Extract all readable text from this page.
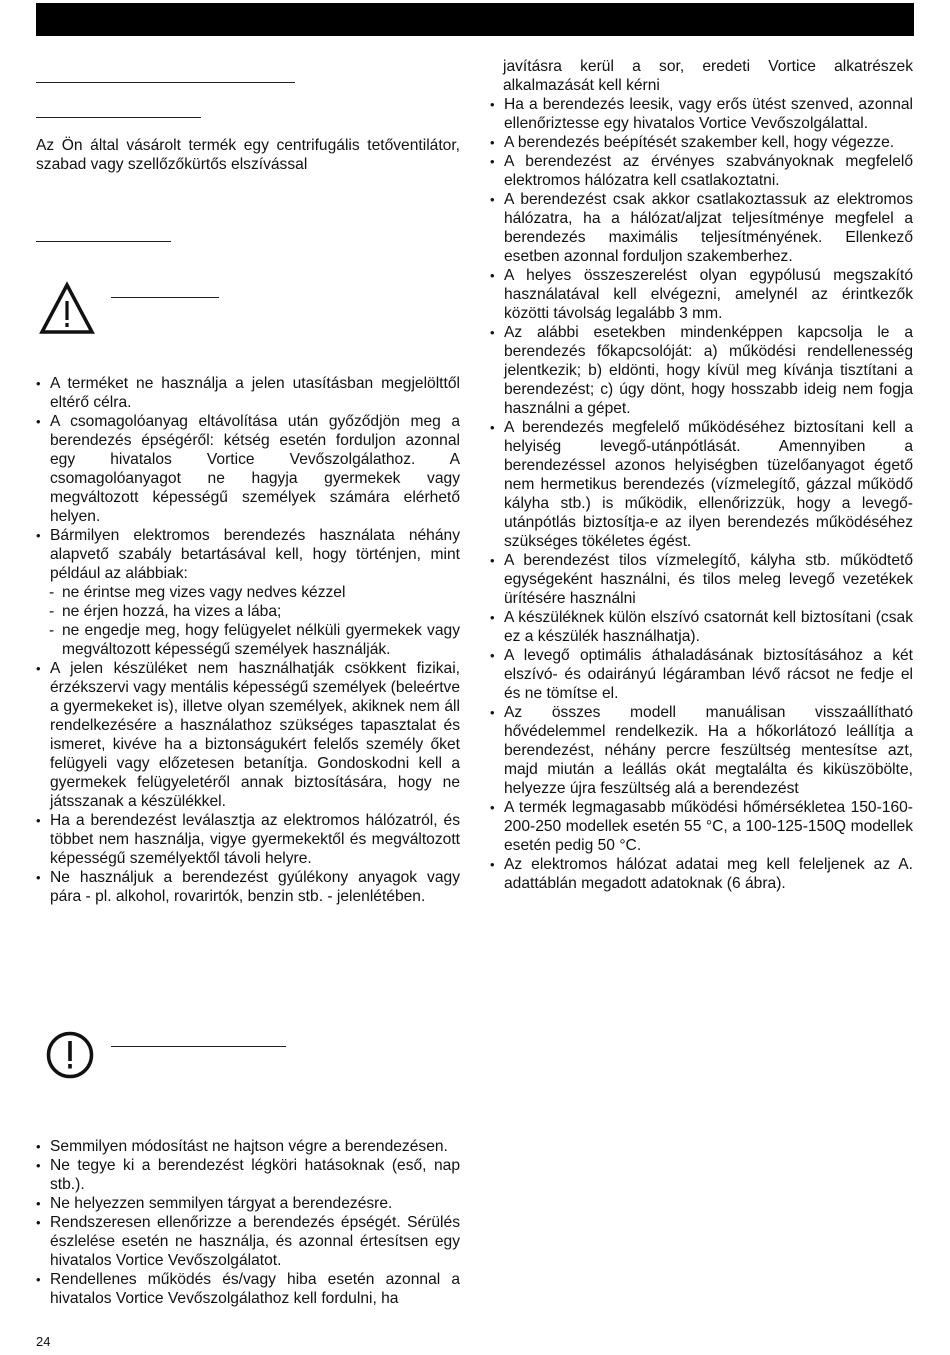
Az Ön által vásárolt termék egy centrifugális tetőventilátor, szabad vagy szellőzőkürtős elszívással
• A terméket ne használja a jelen utasításban megjelölttől eltérő célra.
• A csomagolóanyag eltávolítása után győződjön meg a berendezés épségéről: kétség esetén forduljon azonnal egy hivatalos Vortice Vevőszolgálathoz. A csomagolóanyagot ne hagyja gyermekek vagy megváltozott képességű személyek számára elérhető helyen.
• Bármilyen elektromos berendezés használata néhány alapvető szabály betartásával kell, hogy történjen, mint például az alábbiak:
- ne érintse meg vizes vagy nedves kézzel
- ne érjen hozzá, ha vizes a lába;
- ne engedje meg, hogy felügyelet nélküli gyermekek vagy megváltozott képességű személyek használják.
• A jelen készüléket nem használhatják csökkent fizikai, érzékszervi vagy mentális képességű személyek (beleértve a gyermekeket is), illetve olyan személyek, akiknek nem áll rendelkezésére a használathoz szükséges tapasztalat és ismeret, kivéve ha a biztonságukért felelős személy őket felügyeli vagy előzetesen betanítja. Gondoskodni kell a gyermekek felügyeletéről annak biztosítására, hogy ne játsszanak a készülékkel.
• Ha a berendezést leválasztja az elektromos hálózatról, és többet nem használja, vigye gyermekektől és megváltozott képességű személyektől távoli helyre.
• Ne használjuk a berendezést gyúlékony anyagok vagy pára - pl. alkohol, rovarirtók, benzin stb. - jelenlétében.
• Semmilyen módosítást ne hajtson végre a berendezésen.
• Ne tegye ki a berendezést légköri hatásoknak (eső, nap stb.).
• Ne helyezzen semmilyen tárgyat a berendezésre.
• Rendszeresen ellenőrizze a berendezés épségét. Sérülés észlelése esetén ne használja, és azonnal értesítsen egy hivatalos Vortice Vevőszolgálatot.
• Rendellenes működés és/vagy hiba esetén azonnal a hivatalos Vortice Vevőszolgálathoz kell fordulni, ha
javításra kerül a sor, eredeti Vortice alkatrészek alkalmazását kell kérni
• Ha a berendezés leesik, vagy erős ütést szenved, azonnal ellenőriztesse egy hivatalos Vortice Vevőszolgálattal.
• A berendezés beépítését szakember kell, hogy végezze.
• A berendezést az érvényes szabványoknak megfelelő elektromos hálózatra kell csatlakoztatni.
• A berendezést csak akkor csatlakoztassuk az elektromos hálózatra, ha a hálózat/aljzat teljesítménye megfelel a berendezés maximális teljesítményének. Ellenkező esetben azonnal forduljon szakemberhez.
• A helyes összeszerelést olyan egypólusú megszakító használatával kell elvégezni, amelynél az érintkezők közötti távolság legalább 3 mm.
• Az alábbi esetekben mindenképpen kapcsolja le a berendezés főkapcsolóját: a) működési rendellenesség jelentkezik; b) eldönti, hogy kívül meg kívánja tisztítani a berendezést; c) úgy dönt, hogy hosszabb ideig nem fogja használni a gépet.
• A berendezés megfelelő működéséhez biztosítani kell a helyiség levegő-utánpótlását. Amennyiben a berendezéssel azonos helyiségben tüzelőanyagot égető nem hermetikus berendezés (vízmelegítő, gázzal működő kályha stb.) is működik, ellenőrizzük, hogy a levegő-utánpótlás biztosítja-e az ilyen berendezés működéséhez szükséges tökéletes égést.
• A berendezést tilos vízmelegítő, kályha stb. működtető egységeként használni, és tilos meleg levegő vezetékek ürítésére használni
• A készüléknek külön elszívó csatornát kell biztosítani (csak ez a készülék használhatja).
• A levegő optimális áthaladásának biztosításához a két elszívó- és odairányú légáramban lévő rácsot ne fedje el és ne tömítse el.
• Az összes modell manuálisan visszaállítható hővédelemmel rendelkezik. Ha a hőkorlátozó leállítja a berendezést, néhány percre feszültség mentesítse azt, majd miután a leállás okát megtalálta és kiküszöbölte, helyezze újra feszültség alá a berendezést
• A termék legmagasabb működési hőmérsékletea 150-160-200-250 modellek esetén 55 °C, a 100-125-150Q modellek esetén pedig 50 °C.
• Az elektromos hálózat adatai meg kell feleljenek az A. adattáblán megadott adatoknak (6 ábra).
24
